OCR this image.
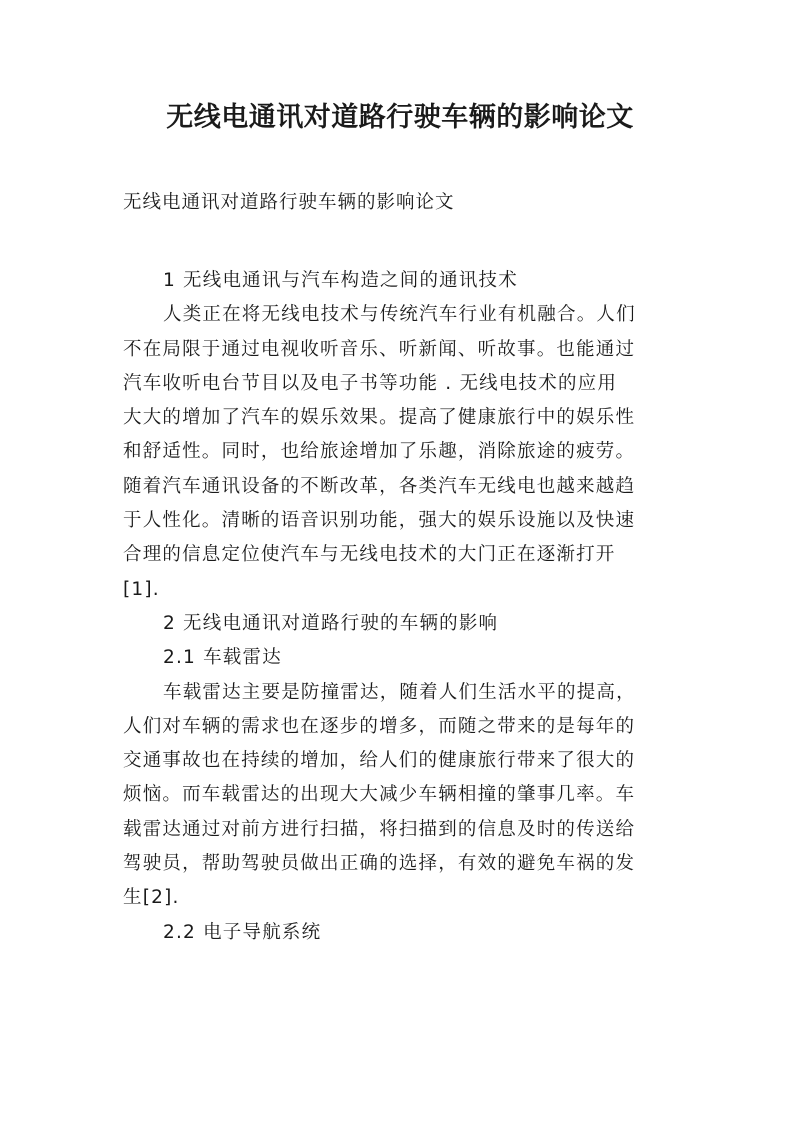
无线电通讯对道路行驶车辆的影响论文
无线电通讯对道路行驶车辆的影响论文
1 无线电通讯与汽车构造之间的通讯技术
人类正在将无线电技术与传统汽车行业有机融合。人们
不在局限于通过电视收听音乐、听新闻、听故事。也能通过
汽车收听电台节目以及电子书等功能 . 无线电技术的应用
大大的增加了汽车的娱乐效果。提高了健康旅行中的娱乐性
和舒适性。同时，也给旅途增加了乐趣，消除旅途的疲劳。
随着汽车通讯设备的不断改革，各类汽车无线电也越来越趋
于人性化。清晰的语音识别功能，强大的娱乐设施以及快速
合理的信息定位使汽车与无线电技术的大门正在逐渐打开
[1].
2 无线电通讯对道路行驶的车辆的影响
2.1 车载雷达
车载雷达主要是防撞雷达，随着人们生活水平的提高，
人们对车辆的需求也在逐步的增多，而随之带来的是每年的
交通事故也在持续的增加，给人们的健康旅行带来了很大的
烦恼。而车载雷达的出现大大减少车辆相撞的肇事几率。车
载雷达通过对前方进行扫描，将扫描到的信息及时的传送给
驾驶员，帮助驾驶员做出正确的选择，有效的避免车祸的发
生[2].
2.2 电子导航系统
